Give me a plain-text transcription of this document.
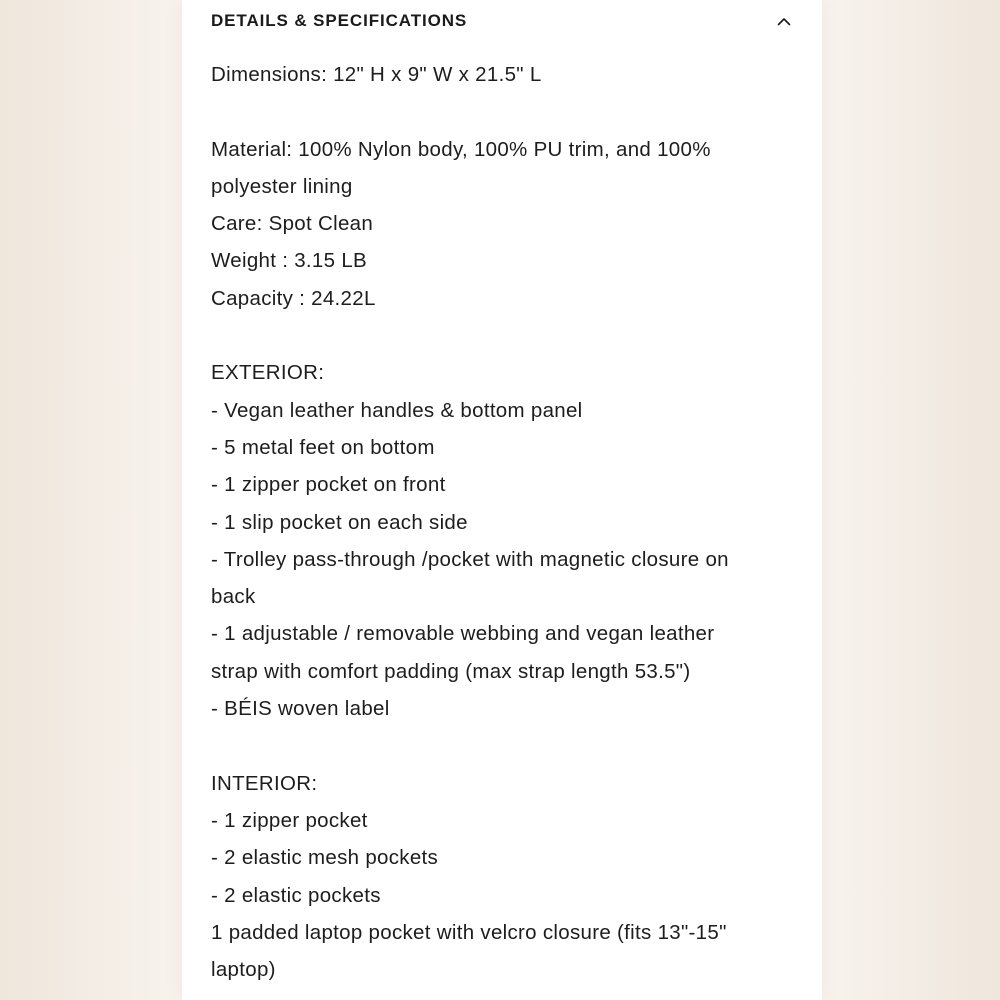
DETAILS & SPECIFICATIONS
Dimensions: 12" H x 9" W x 21.5" L
Material: 100% Nylon body, 100% PU trim, and 100%
polyester lining
Care: Spot Clean
Weight : 3.15 LB
Capacity : 24.22L
EXTERIOR:
- Vegan leather handles & bottom panel
- 5 metal feet on bottom
- 1 zipper pocket on front
- 1 slip pocket on each side
- Trolley pass-through /pocket with magnetic closure on
back
- 1 adjustable / removable webbing and vegan leather
strap with comfort padding (max strap length 53.5")
- BÉIS woven label
INTERIOR:
- 1 zipper pocket
- 2 elastic mesh pockets
- 2 elastic pockets
1 padded laptop pocket with velcro closure (fits 13"-15"
laptop)
